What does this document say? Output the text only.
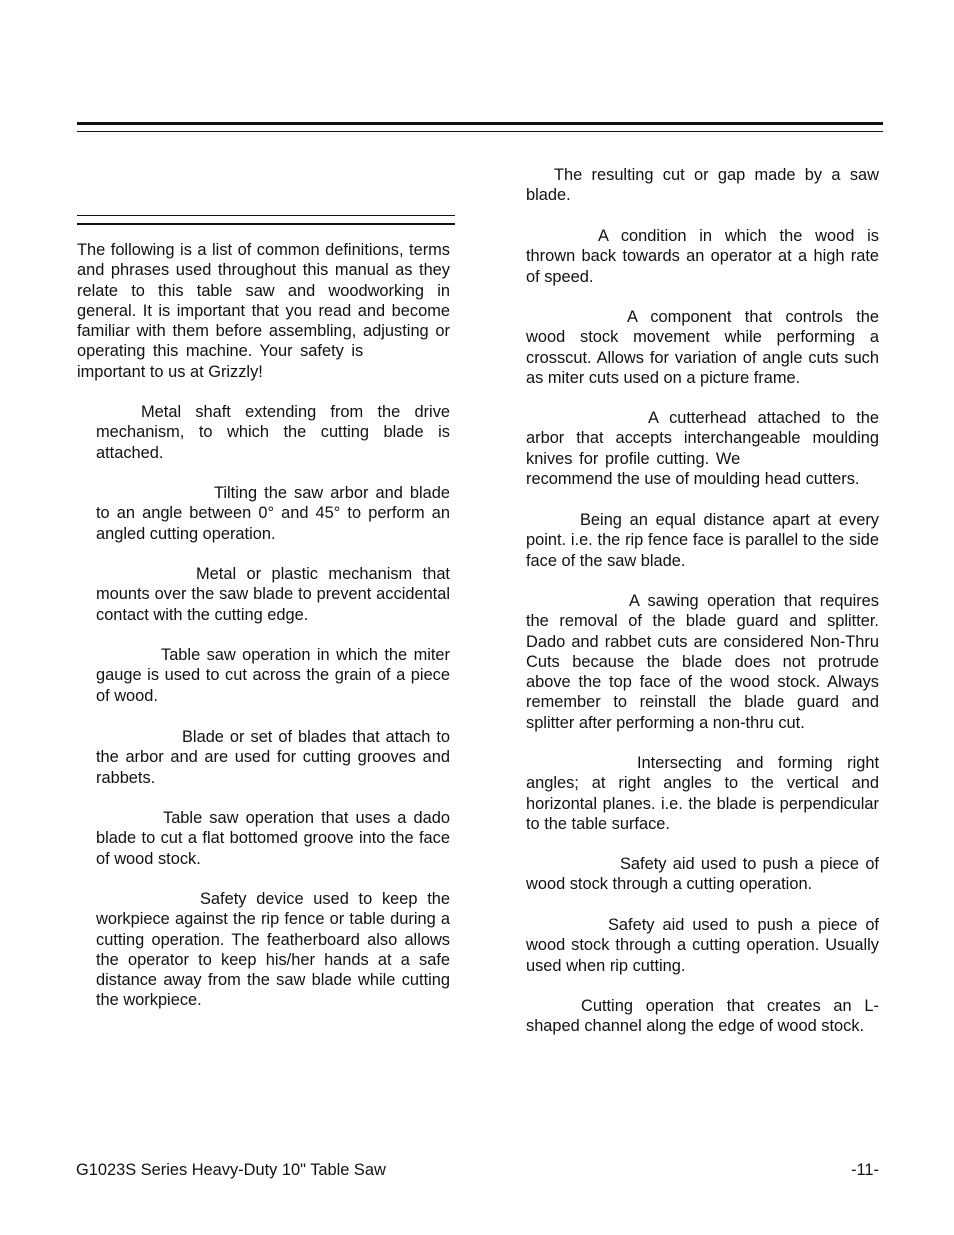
The following is a list of common definitions, terms and phrases used throughout this manual as they relate to this table saw and woodworking in general. It is important that you read and become familiar with them before assembling, adjusting or operating this machine. Your safety is             important to us at Grizzly!

Metal shaft extending from the drive mechanism, to which the cutting blade is attached.

Tilting the saw arbor and blade to an angle between 0° and 45° to perform an angled cutting operation.

Metal or plastic mechanism that mounts over the saw blade to prevent accidental contact with the cutting edge.

Table saw operation in which the miter gauge is used to cut across the grain of a piece of wood.

Blade or set of blades that attach to the arbor and are used for cutting grooves and rabbets.

Table saw operation that uses a dado blade to cut a flat bottomed groove into the face of wood stock.

Safety device used to keep the workpiece against the rip fence or table during a cutting operation. The featherboard also allows the operator to keep his/her hands at a safe distance away from the saw blade while cutting the workpiece.

The resulting cut or gap made by a saw blade.

A condition in which the wood is thrown back towards an operator at a high rate of speed.

A component that controls the wood stock movement while performing a crosscut. Allows for variation of angle cuts such as miter cuts used on a picture frame.

A cutterhead attached to the arbor that accepts interchangeable moulding knives for profile cutting. We                      recommend the use of moulding head cutters.

Being an equal distance apart at every point. i.e. the rip fence face is parallel to the side face of the saw blade.

A sawing operation that requires the removal of the blade guard and splitter. Dado and rabbet cuts are considered Non-Thru Cuts because the blade does not protrude above the top face of the wood stock. Always remember to reinstall the blade guard and splitter after performing a non-thru cut.

Intersecting and forming right angles; at right angles to the vertical and horizontal planes. i.e. the blade is perpendicular to the table surface.

Safety aid used to push a piece of wood stock through a cutting operation.

Safety aid used to push a piece of wood stock through a cutting operation. Usually used when rip cutting.

Cutting operation that creates an L-shaped channel along the edge of wood stock.

G1023S Series Heavy-Duty 10" Table Saw	-11-
